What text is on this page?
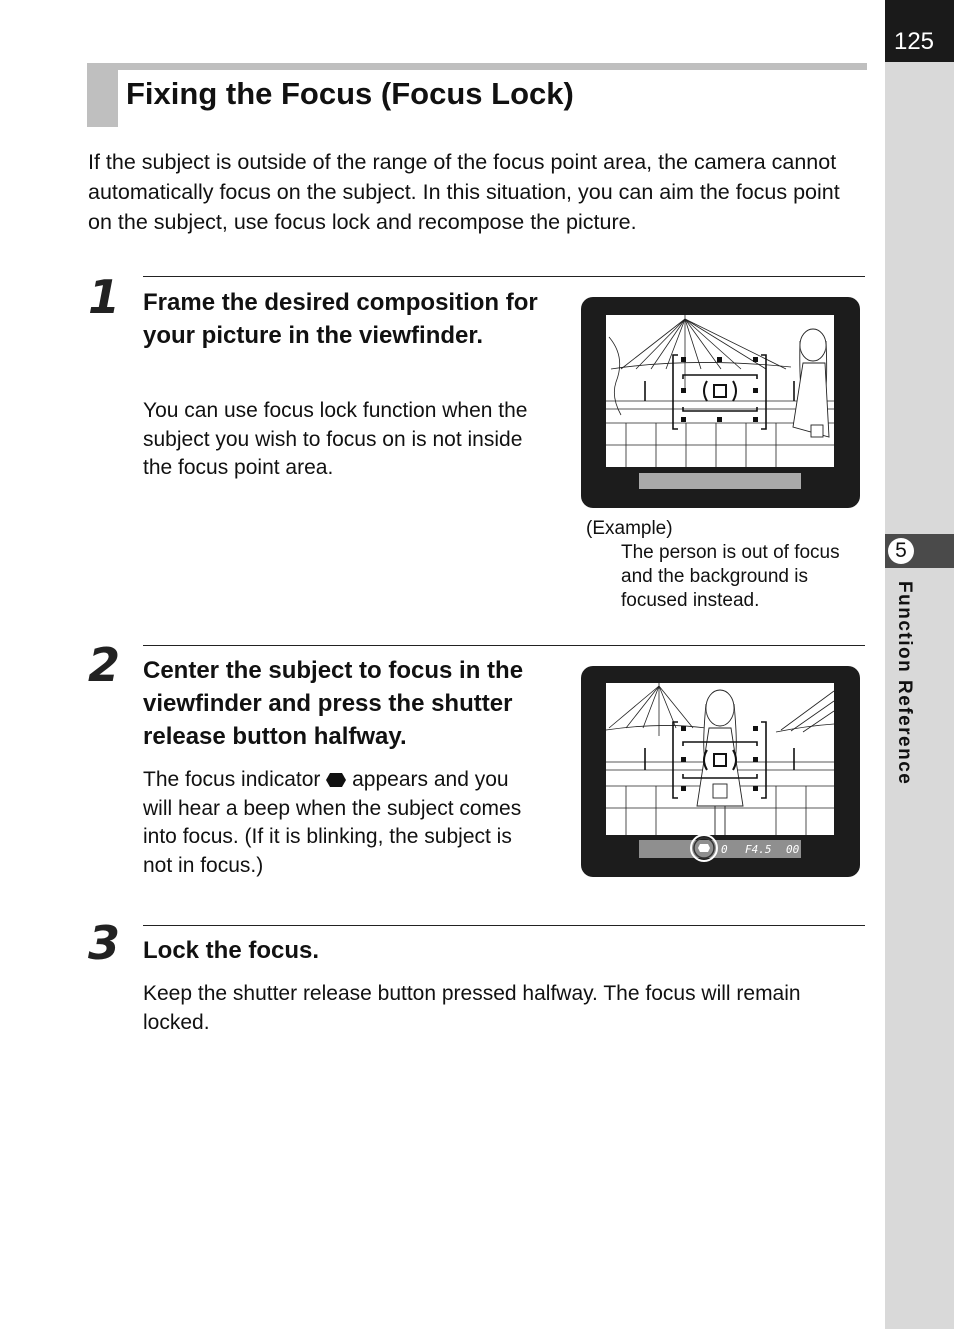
125
5
Function Reference
Fixing the Focus (Focus Lock)

If the subject is outside of the range of the focus point area, the camera cannot automatically focus on the subject. In this situation, you can aim the focus point on the subject, use focus lock and recompose the picture.

1 Frame the desired composition for your picture in the viewfinder.

You can use focus lock function when the subject you wish to focus on is not inside the focus point area.

(Example)
The person is out of focus and the background is focused instead.
2 Center the subject to focus in the viewfinder and press the shutter release button halfway.

The focus indicator appears and you will hear a beep when the subject comes into focus. (If it is blinking, the subject is not in focus.)

0 F4.5 00
3 Lock the focus.

Keep the shutter release button pressed halfway. The focus will remain locked.
